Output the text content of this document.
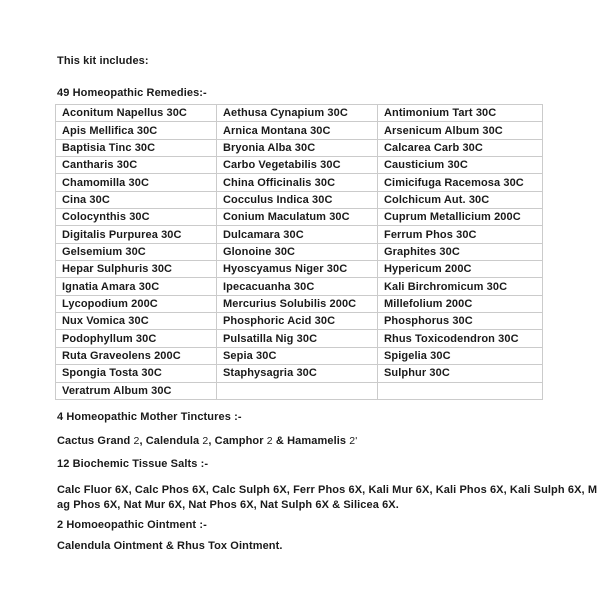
This kit includes:
49 Homeopathic Remedies:-
Aconitum Napellus 30C	Aethusa Cynapium 30C	Antimonium Tart 30C
Apis Mellifica 30C	Arnica Montana 30C	Arsenicum Album 30C
Baptisia Tinc 30C	Bryonia Alba 30C	Calcarea Carb 30C
Cantharis 30C	Carbo Vegetabilis 30C	Causticium 30C
Chamomilla 30C	China Officinalis 30C	Cimicifuga Racemosa 30C
Cina 30C	Cocculus Indica 30C	Colchicum Aut. 30C
Colocynthis 30C	Conium Maculatum 30C	Cuprum Metallicium 200C
Digitalis Purpurea 30C	Dulcamara 30C	Ferrum Phos 30C
Gelsemium 30C	Glonoine 30C	Graphites 30C
Hepar Sulphuris 30C	Hyoscyamus Niger 30C	Hypericum 200C
Ignatia Amara 30C	Ipecacuanha 30C	Kali Birchromicum 30C
Lycopodium 200C	Mercurius Solubilis 200C	Millefolium 200C
Nux Vomica 30C	Phosphoric Acid 30C	Phosphorus 30C
Podophyllum 30C	Pulsatilla Nig 30C	Rhus Toxicodendron 30C
Ruta Graveolens 200C	Sepia 30C	Spigelia 30C
Spongia Tosta 30C	Staphysagria 30C	Sulphur 30C
Veratrum Album 30C		
4 Homeopathic Mother Tinctures :-
Cactus Grand 2, Calendula 2, Camphor 2 & Hamamelis 2'
12 Biochemic Tissue Salts :-
Calc Fluor 6X, Calc Phos 6X, Calc Sulph 6X, Ferr Phos 6X, Kali Mur 6X, Kali Phos 6X, Kali Sulph 6X, M
ag Phos 6X, Nat Mur 6X, Nat Phos 6X, Nat Sulph 6X & Silicea 6X.
2 Homoeopathic Ointment :-
Calendula Ointment & Rhus Tox Ointment.
